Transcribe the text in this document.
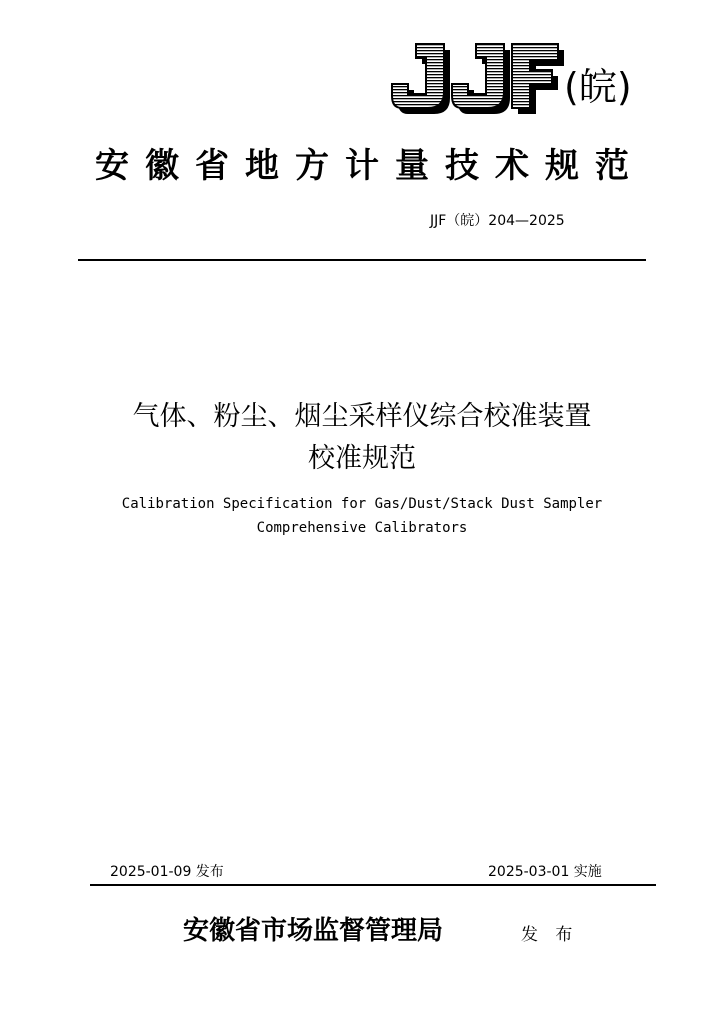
(皖)
安徽省地方计量技术规范
JJF（皖）204—2025
气体、粉尘、烟尘采样仪综合校准装置
校准规范
Calibration Specification for Gas/Dust/Stack Dust Sampler
Comprehensive Calibrators
2025-01-09 发布	2025-03-01 实施
安徽省市场监督管理局	发 布
